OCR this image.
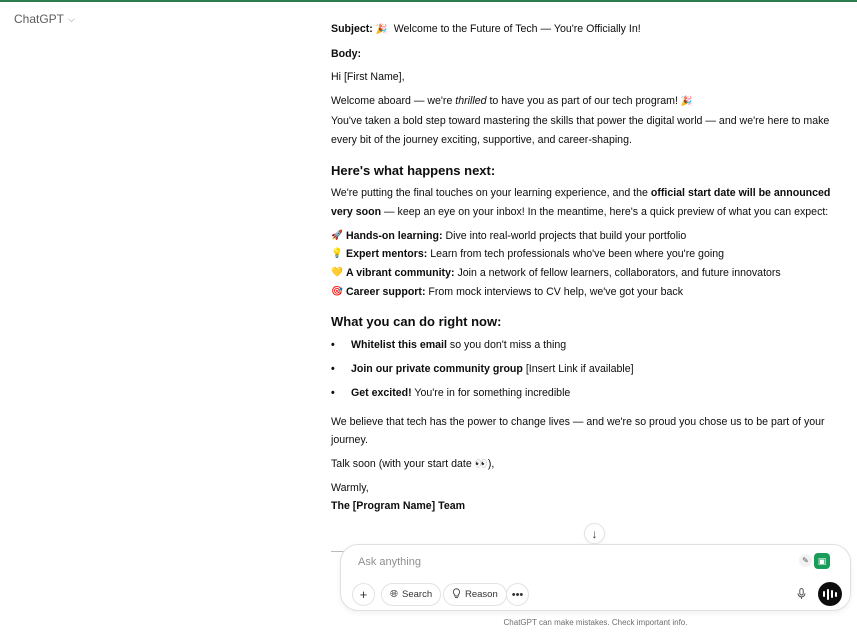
ChatGPT ⌵

Subject: 🎉 Welcome to the Future of Tech — You're Officially In!

Body:

Hi [First Name],

Welcome aboard — we're thrilled to have you as part of our tech program! 🎉

You've taken a bold step toward mastering the skills that power the digital world — and we're here to make every bit of the journey exciting, supportive, and career-shaping.

Here's what happens next:

We're putting the final touches on your learning experience, and the official start date will be announced very soon — keep an eye on your inbox! In the meantime, here's a quick preview of what you can expect:

🚀 Hands-on learning: Dive into real-world projects that build your portfolio
💡 Expert mentors: Learn from tech professionals who've been where you're going
💛 A vibrant community: Join a network of fellow learners, collaborators, and future innovators
🎯 Career support: From mock interviews to CV help, we've got your back
What you can do right now:
•	Whitelist this email so you don't miss a thing
•	Join our private community group [Insert Link if available]
•	Get excited! You're in for something incredible

We believe that tech has the power to change lives — and we're so proud you chose us to be part of your journey.

Talk soon (with your start date 👀),

Warmly,

The [Program Name] Team

↓
Ask anything
✎ ▣
+ 🌐︎ Search	Reason •••
ChatGPT can make mistakes. Check important info.
